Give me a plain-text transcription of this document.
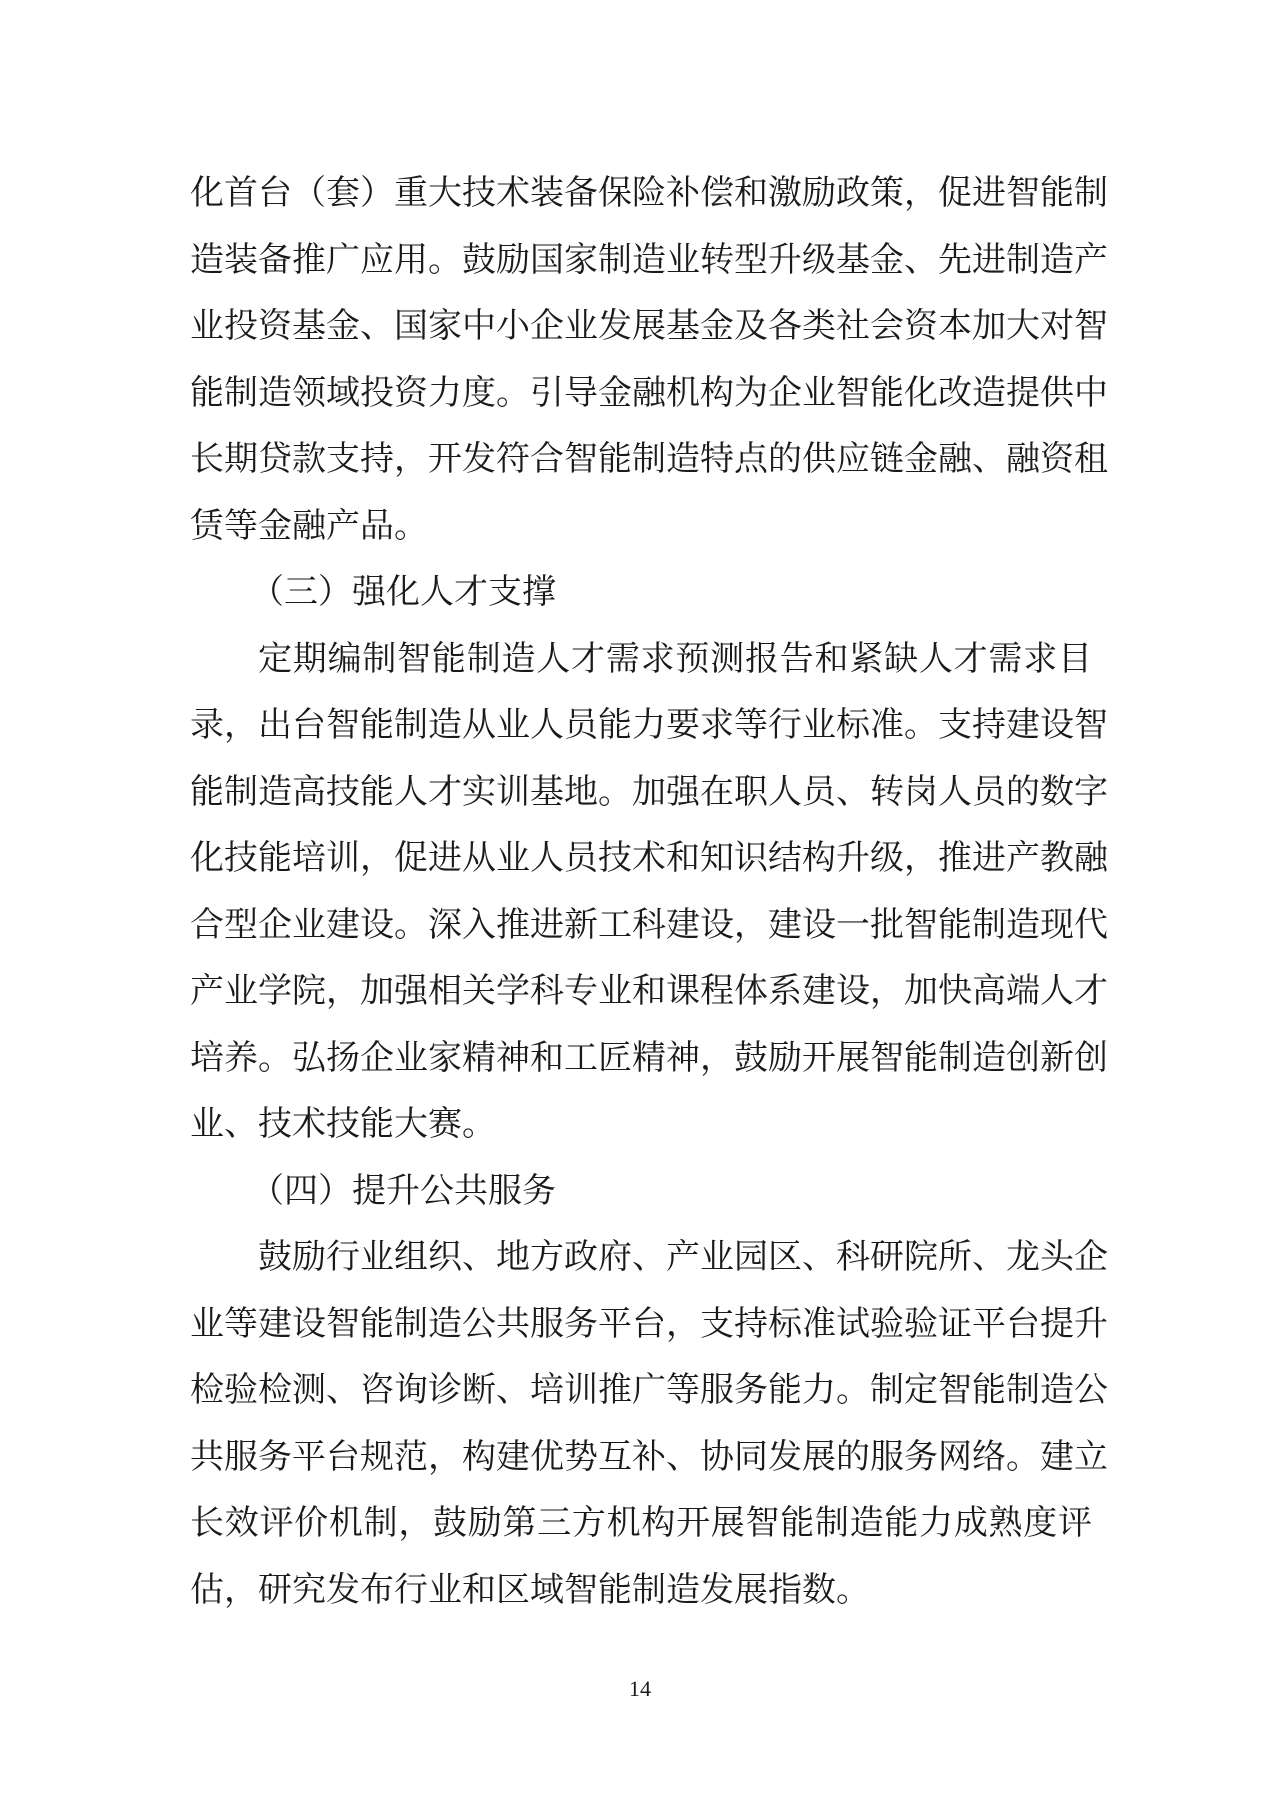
化首台（套）重大技术装备保险补偿和激励政策，促进智能制
造装备推广应用。鼓励国家制造业转型升级基金、先进制造产
业投资基金、国家中小企业发展基金及各类社会资本加大对智
能制造领域投资力度。引导金融机构为企业智能化改造提供中
长期贷款支持，开发符合智能制造特点的供应链金融、融资租
赁等金融产品。
（三）强化人才支撑
定期编制智能制造人才需求预测报告和紧缺人才需求目
录，出台智能制造从业人员能力要求等行业标准。支持建设智
能制造高技能人才实训基地。加强在职人员、转岗人员的数字
化技能培训，促进从业人员技术和知识结构升级，推进产教融
合型企业建设。深入推进新工科建设，建设一批智能制造现代
产业学院，加强相关学科专业和课程体系建设，加快高端人才
培养。弘扬企业家精神和工匠精神，鼓励开展智能制造创新创
业、技术技能大赛。
（四）提升公共服务
鼓励行业组织、地方政府、产业园区、科研院所、龙头企
业等建设智能制造公共服务平台，支持标准试验验证平台提升
检验检测、咨询诊断、培训推广等服务能力。制定智能制造公
共服务平台规范，构建优势互补、协同发展的服务网络。建立
长效评价机制，鼓励第三方机构开展智能制造能力成熟度评
估，研究发布行业和区域智能制造发展指数。
14
